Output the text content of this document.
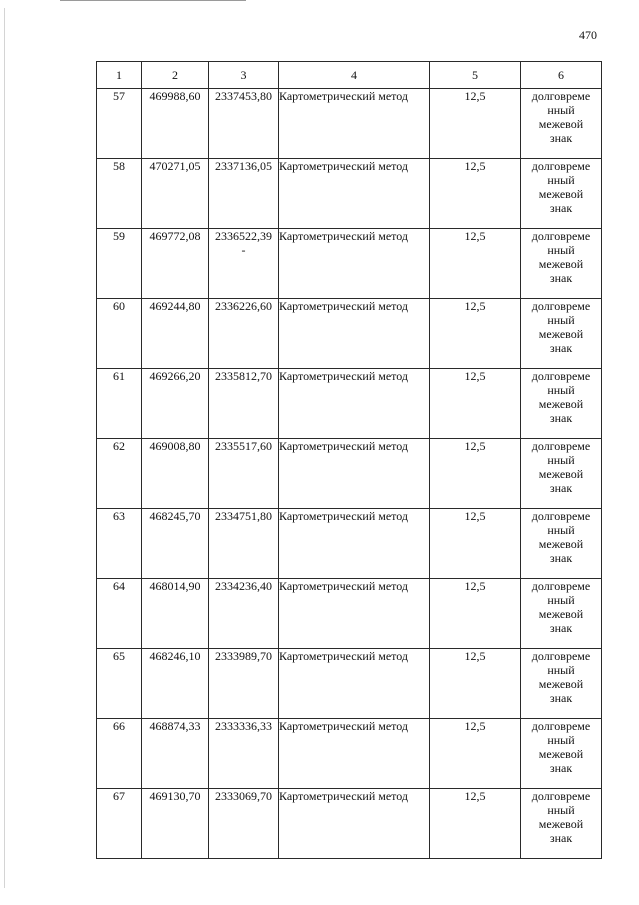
470
1	2	3	4	5	6
57	469988,60	2337453,80	Картометрический метод	12,5	долговреме
нный
межевой
знак
58	470271,05	2337136,05	Картометрический метод	12,5	долговреме
нный
межевой
знак
59	469772,08	2336522,39
-	Картометрический метод	12,5	долговреме
нный
межевой
знак
60	469244,80	2336226,60	Картометрический метод	12,5	долговреме
нный
межевой
знак
61	469266,20	2335812,70	Картометрический метод	12,5	долговреме
нный
межевой
знак
62	469008,80	2335517,60	Картометрический метод	12,5	долговреме
нный
межевой
знак
63	468245,70	2334751,80	Картометрический метод	12,5	долговреме
нный
межевой
знак
64	468014,90	2334236,40	Картометрический метод	12,5	долговреме
нный
межевой
знак
65	468246,10	2333989,70	Картометрический метод	12,5	долговреме
нный
межевой
знак
66	468874,33	2333336,33	Картометрический метод	12,5	долговреме
нный
межевой
знак
67	469130,70	2333069,70	Картометрический метод	12,5	долговреме
нный
межевой
знак
